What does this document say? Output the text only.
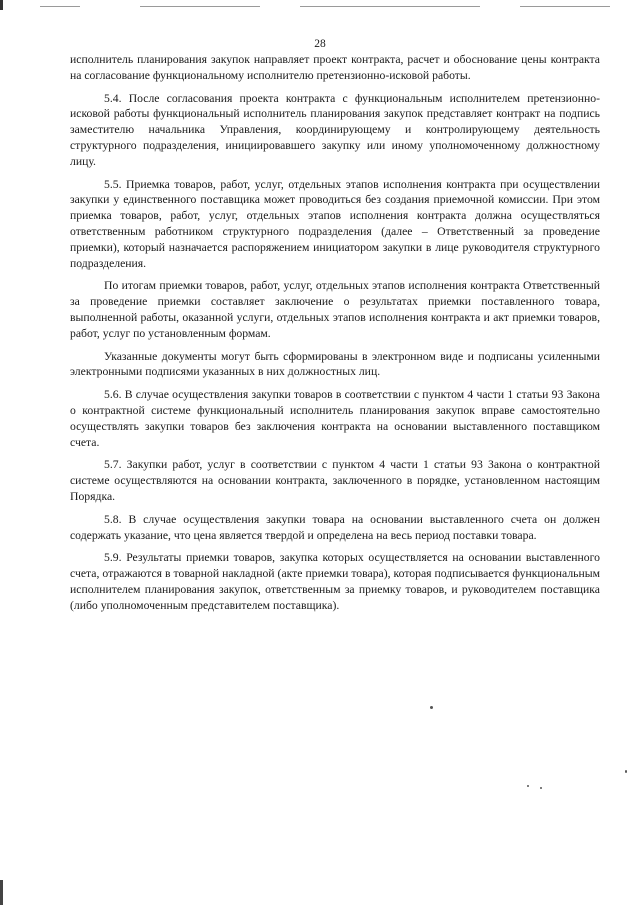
28

исполнитель планирования закупок направляет проект контракта, расчет и обоснование цены контракта на согласование функциональному исполнителю претензионно-исковой работы.

5.4. После согласования проекта контракта с функциональным исполнителем претензионно-исковой работы функциональный исполнитель планирования закупок представляет контракт на подпись заместителю начальника Управления, координирующему и контролирующему деятельность структурного подразделения, инициировавшего закупку или иному уполномоченному должностному лицу.

5.5. Приемка товаров, работ, услуг, отдельных этапов исполнения контракта при осуществлении закупки у единственного поставщика может проводиться без создания приемочной комиссии. При этом приемка товаров, работ, услуг, отдельных этапов исполнения контракта должна осуществляться ответственным работником структурного подразделения (далее – Ответственный за проведение приемки), который назначается распоряжением инициатором закупки в лице руководителя структурного подразделения.

По итогам приемки товаров, работ, услуг, отдельных этапов исполнения контракта Ответственный за проведение приемки составляет заключение о результатах приемки поставленного товара, выполненной работы, оказанной услуги, отдельных этапов исполнения контракта и акт приемки товаров, работ, услуг по установленным формам.

Указанные документы могут быть сформированы в электронном виде и подписаны усиленными электронными подписями указанных в них должностных лиц.

5.6. В случае осуществления закупки товаров в соответствии с пунктом 4 части 1 статьи 93 Закона о контрактной системе функциональный исполнитель планирования закупок вправе самостоятельно осуществлять закупки товаров без заключения контракта на основании выставленного поставщиком счета.

5.7. Закупки работ, услуг в соответствии с пунктом 4 части 1 статьи 93 Закона о контрактной системе осуществляются на основании контракта, заключенного в порядке, установленном настоящим Порядка.

5.8. В случае осуществления закупки товара на основании выставленного счета он должен содержать указание, что цена является твердой и определена на весь период поставки товара.

5.9. Результаты приемки товаров, закупка которых осуществляется на основании выставленного счета, отражаются в товарной накладной (акте приемки товара), которая подписывается функциональным исполнителем планирования закупок, ответственным за приемку товаров, и руководителем поставщика (либо уполномоченным представителем поставщика).
